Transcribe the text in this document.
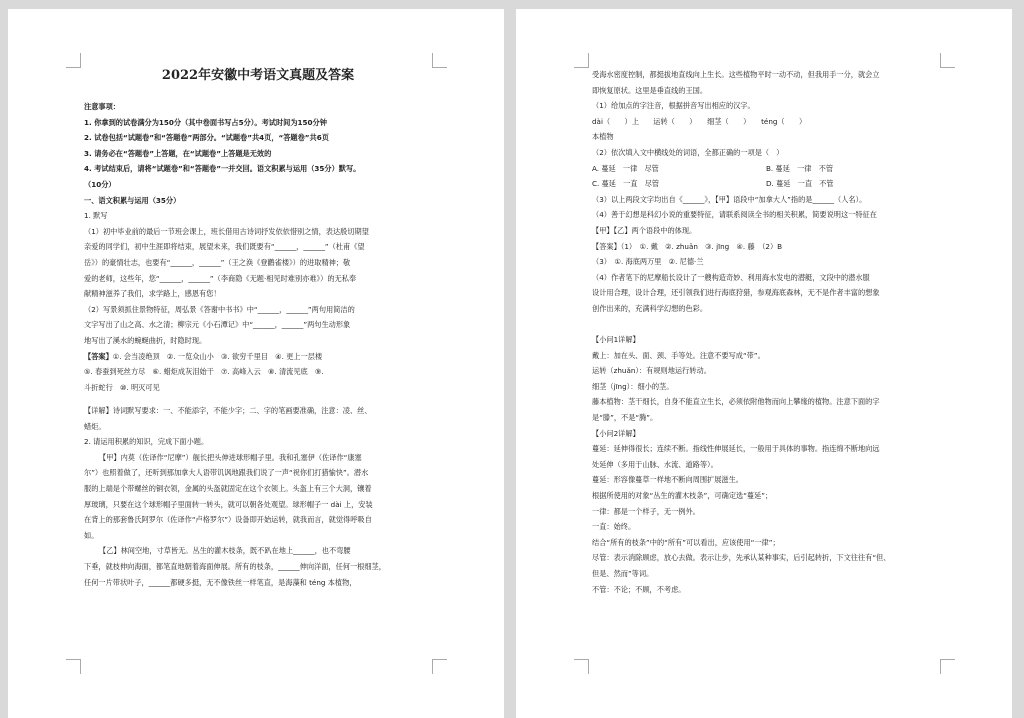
2022年安徽中考语文真题及答案
注意事项：
1. 你拿到的试卷满分为150分（其中卷面书写占5分）。考试时间为150分钟
2. 试卷包括“试题卷”和“答题卷”两部分。“试题卷”共4页，“答题卷”共6页
3. 请务必在“答题卷”上答题，在“试题卷”上答题是无效的
4. 考试结束后，请将“试题卷”和“答题卷”一并交回。语文积累与运用（35分）默写。
（10分）
一、语文积累与运用（35分）
1. 默写
（1）初中毕业前的最后一节班会课上，班长借用古诗词抒发依依惜别之情，表达殷切期望
亲爱的同学们，初中生涯即将结束，展望未来，我们既要有“______，______”（杜甫《望
岳》）的豪情壮志，也要有“______，______”（王之涣《登鹳雀楼》）的进取精神；敬
爱的老师，这些年，您“______，______”（李商隐《无题·相见时难别亦难》）的无私奉
献精神滋养了我们，求学路上，感恩有您！
（2）写景须抓住景物特征，周弘景《答谢中书书》中“______，______”两句用简洁的
文字写出了山之高、水之清；柳宗元《小石潭记》中“______，______”两句生动形象
地写出了溪水的蜿蜒曲折，时隐时现。
【答案】①. 会当凌绝顶　②. 一览众山小　③. 欲穷千里目　④. 更上一层楼
⑤. 春蚕到死丝方尽　⑥. 蜡炬成灰泪始干　⑦. 高峰入云　⑧. 清流见底　⑨.
斗折蛇行　⑩. 明灭可见
【详解】诗词默写要求：一、不能添字，不能少字；二、字的笔画要准确，注意：凌、丝、
蜡炬。
2. 请运用积累的知识，完成下面小题。
【甲】内莫（佐译作“尼摩”）舰长把头伸进球形帽子里。我和孔塞伊（佐译作“康塞
尔”）也照着做了，还听到那加拿大人语带讥讽地跟我们说了一声“祝你们打猎愉快”。潜水
服的上端是个带螺丝的铜衣领，金属的头盔就固定在这个衣领上。头盔上有三个大洞，镶着
厚玻璃，只要在这个球形帽子里面转一转头，就可以朝各处观望。球形帽子一 dài 上，安装
在背上的那套鲁氏阿罗尔（佐译作“卢格罗尔”）设备即开始运转，就我而言，就觉得呼吸自
如。
【乙】林间空地，寸草皆无。丛生的灌木枝条，既不趴在地上______，也不弯腰
下垂，就枝伸向海面，都笔直地朝着海面伸展。所有的枝条，______伸向洋面，任何一根细茎，
任何一片带状叶子，______都硬多挺，无不像铁丝一样笔直，是海藻和 téng 本植物，
受海水密度控制，都挺拔地直线向上生长。这些植物平时一动不动，但我用手一分，就会立
即恢复原状。这里是垂直线的王国。
（1）给加点的字注音，根据拼音写出相应的汉字。
dài（　　）上　　运转（　　）　　细茎（　　）　　téng（　　）
本植物
（2）依次填入文中横线处的词语，全都正确的一项是（　）
A. 蔓延　一律　尽管	B. 蔓延　一律　不管
C. 蔓延　一直　尽管	D. 蔓延　一直　不管
（3）以上两段文字均出自《______》，【甲】语段中“加拿大人”指的是______（人名）。
（4）善于幻想是科幻小说的重要特征，请联系阅读全书的相关积累，简要说明这一特征在
【甲】【乙】两个语段中的体现。
【答案】（1）　①. 戴　②. zhuǎn　③. jīng　④. 藤　（2）B
（3）　①. 海底两万里　②. 尼德·兰
（4）作者笔下的尼摩船长设计了一艘构造奇妙、利用海水发电的潜艇，文段中的潜水服
设计用合理，设计合理，还引领我们进行海底狩猎，参观海底森林，无不是作者丰富的想象
创作出来的，充满科学幻想的色彩。
【小问1详解】
戴上：加在头、面、颈、手等处。注意不要写成“带”。
运转（zhuǎn）：有规则地运行转动。
细茎（jīng）：细小的茎。
藤本植物：茎干细长，自身不能直立生长，必须依附他物而向上攀缘的植物。注意下面的字
是“滕”，不是“腾”。
【小问2详解】
蔓延：延伸得很长；连续不断。指线性伸展延长，一般用于具体的事物。指连绵不断地向远
处延伸（多用于山脉、水流、道路等）。
蔓延：形容像蔓草一样地不断向周围扩展滋生。
根据所使用的对象“丛生的灌木枝条”，可确定选“蔓延”；
一律：都是一个样子，无一例外。
一直：始终。
结合“所有的枝条”中的“所有”可以看出，应该使用“一律”；
尽管：表示消除顾虑，放心去做。表示让步，先承认某种事实，后引起转折，下文往往有“但、
但是、然而”等词。
不管：不论；不顾，不考虑。
